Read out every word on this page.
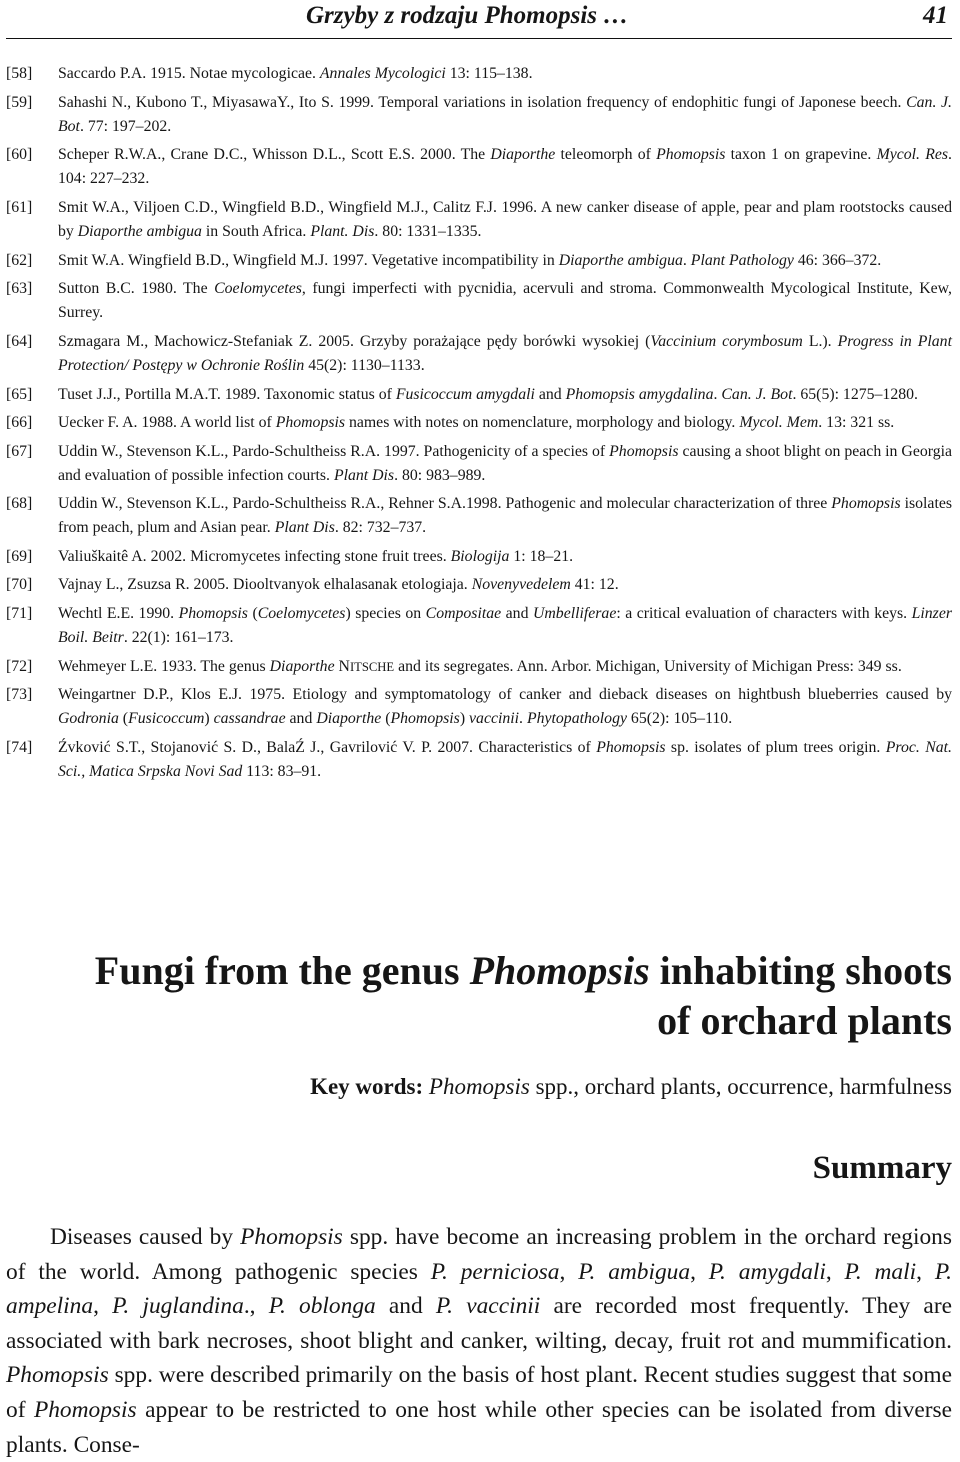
Grzyby z rodzaju Phomopsis …	41
[58] Saccardo P.A. 1915. Notae mycologicae. Annales Mycologici 13: 115–138.
[59] Sahashi N., Kubono T., MiyasawaY., Ito S. 1999. Temporal variations in isolation frequency of endophitic fungi of Japonese beech. Can. J. Bot. 77: 197–202.
[60] Scheper R.W.A., Crane D.C., Whisson D.L., Scott E.S. 2000. The Diaporthe teleomorph of Phomopsis taxon 1 on grapevine. Mycol. Res. 104: 227–232.
[61] Smit W.A., Viljoen C.D., Wingfield B.D., Wingfield M.J., Calitz F.J. 1996. A new canker disease of apple, pear and plam rootstocks caused by Diaporthe ambigua in South Africa. Plant. Dis. 80: 1331–1335.
[62] Smit W.A. Wingfield B.D., Wingfield M.J. 1997. Vegetative incompatibility in Diaporthe ambigua. Plant Pathology 46: 366–372.
[63] Sutton B.C. 1980. The Coelomycetes, fungi imperfecti with pycnidia, acervuli and stroma. Commonwealth Mycological Institute, Kew, Surrey.
[64] Szmagara M., Machowicz-Stefaniak Z. 2005. Grzyby porażające pędy borówki wysokiej (Vaccinium corymbosum L.). Progress in Plant Protection/ Postępy w Ochronie Roślin 45(2): 1130–1133.
[65] Tuset J.J., Portilla M.A.T. 1989. Taxonomic status of Fusicoccum amygdali and Phomopsis amygdalina. Can. J. Bot. 65(5): 1275–1280.
[66] Uecker F. A. 1988. A world list of Phomopsis names with notes on nomenclature, morphology and biology. Mycol. Mem. 13: 321 ss.
[67] Uddin W., Stevenson K.L., Pardo-Schultheiss R.A. 1997. Pathogenicity of a species of Phomopsis causing a shoot blight on peach in Georgia and evaluation of possible infection courts. Plant Dis. 80: 983–989.
[68] Uddin W., Stevenson K.L., Pardo-Schultheiss R.A., Rehner S.A.1998. Pathogenic and molecular characterization of three Phomopsis isolates from peach, plum and Asian pear. Plant Dis. 82: 732–737.
[69] Valiuškaitê A. 2002. Micromycetes infecting stone fruit trees. Biologija 1: 18–21.
[70] Vajnay L., Zsuzsa R. 2005. Diooltvanyok elhalasanak etologiaja. Novenyvedelem 41: 12.
[71] Wechtl E.E. 1990. Phomopsis (Coelomycetes) species on Compositae and Umbelliferae: a critical evaluation of characters with keys. Linzer Boil. Beitr. 22(1): 161–173.
[72] Wehmeyer L.E. 1933. The genus Diaporthe NITSCHE and its segregates. Ann. Arbor. Michigan, University of Michigan Press: 349 ss.
[73] Weingartner D.P., Klos E.J. 1975. Etiology and symptomatology of canker and dieback diseases on hightbush blueberries caused by Godronia (Fusicoccum) cassandrae and Diaporthe (Phomopsis) vaccinii. Phytopathology 65(2): 105–110.
[74] Źvković S.T., Stojanović S. D., BalaŹ J., Gavrilović V. P. 2007. Characteristics of Phomopsis sp. isolates of plum trees origin. Proc. Nat. Sci., Matica Srpska Novi Sad 113: 83–91.
Fungi from the genus Phomopsis inhabiting shoots
of orchard plants
Key words: Phomopsis spp., orchard plants, occurrence, harmfulness
Summary

Diseases caused by Phomopsis spp. have become an increasing problem in the orchard regions of the world. Among pathogenic species P. perniciosa, P. ambigua, P. amygdali, P. mali, P. ampelina, P. juglandina., P. oblonga and P. vaccinii are recorded most frequently. They are associated with bark necroses, shoot blight and canker, wilting, decay, fruit rot and mummification. Phomopsis spp. were described primarily on the basis of host plant. Recent studies suggest that some of Phomopsis appear to be restricted to one host while other species can be isolated from diverse plants. Conse-
